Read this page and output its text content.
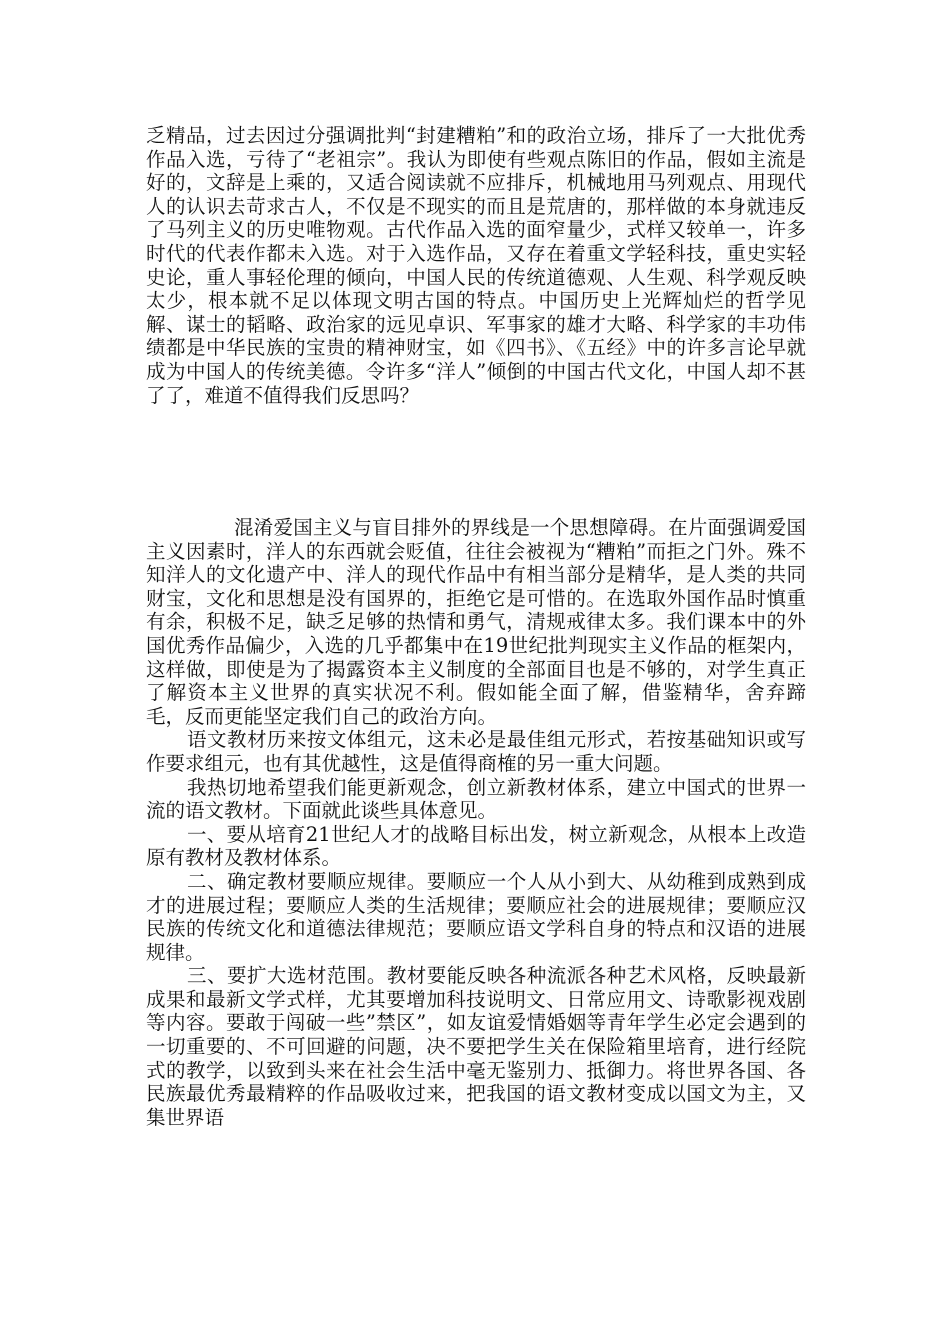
乏精品，过去因过分强调批判“封建糟粕”和的政治立场，排斥了一大批优秀作品入选，亏待了“老祖宗”。我认为即使有些观点陈旧的作品，假如主流是好的，文辞是上乘的，又适合阅读就不应排斥，机械地用马列观点、用现代人的认识去苛求古人，不仅是不现实的而且是荒唐的，那样做的本身就违反了马列主义的历史唯物观。古代作品入选的面窄量少，式样又较单一，许多时代的代表作都未入选。对于入选作品，又存在着重文学轻科技，重史实轻史论，重人事轻伦理的倾向，中国人民的传统道德观、人生观、科学观反映太少，根本就不足以体现文明古国的特点。中国历史上光辉灿烂的哲学见解、谋士的韬略、政治家的远见卓识、军事家的雄才大略、科学家的丰功伟绩都是中华民族的宝贵的精神财宝，如《四书》、《五经》中的许多言论早就成为中国人的传统美德。令许多“洋人”倾倒的中国古代文化，中国人却不甚了了，难道不值得我们反思吗？

混淆爱国主义与盲目排外的界线是一个思想障碍。在片面强调爱国主义因素时，洋人的东西就会贬值，往往会被视为“糟粕”而拒之门外。殊不知洋人的文化遗产中、洋人的现代作品中有相当部分是精华，是人类的共同财宝，文化和思想是没有国界的，拒绝它是可惜的。在选取外国作品时慎重有余，积极不足，缺乏足够的热情和勇气，清规戒律太多。我们课本中的外国优秀作品偏少，入选的几乎都集中在19世纪批判现实主义作品的框架内，这样做，即使是为了揭露资本主义制度的全部面目也是不够的，对学生真正了解资本主义世界的真实状况不利。假如能全面了解，借鉴精华，舍弃蹄毛，反而更能坚定我们自己的政治方向。

语文教材历来按文体组元，这未必是最佳组元形式，若按基础知识或写作要求组元，也有其优越性，这是值得商榷的另一重大问题。

我热切地希望我们能更新观念，创立新教材体系，建立中国式的世界一流的语文教材。下面就此谈些具体意见。

一、要从培育21世纪人才的战略目标出发，树立新观念，从根本上改造原有教材及教材体系。

二、确定教材要顺应规律。要顺应一个人从小到大、从幼稚到成熟到成才的进展过程；要顺应人类的生活规律；要顺应社会的进展规律；要顺应汉民族的传统文化和道德法律规范；要顺应语文学科自身的特点和汉语的进展规律。

三、要扩大选材范围。教材要能反映各种流派各种艺术风格，反映最新成果和最新文学式样，尤其要增加科技说明文、日常应用文、诗歌影视戏剧等内容。要敢于闯破一些”禁区”，如友谊爱情婚姻等青年学生必定会遇到的一切重要的、不可回避的问题，决不要把学生关在保险箱里培育，进行经院式的教学，以致到头来在社会生活中毫无鉴别力、抵御力。将世界各国、各民族最优秀最精粹的作品吸收过来，把我国的语文教材变成以国文为主，又集世界语
